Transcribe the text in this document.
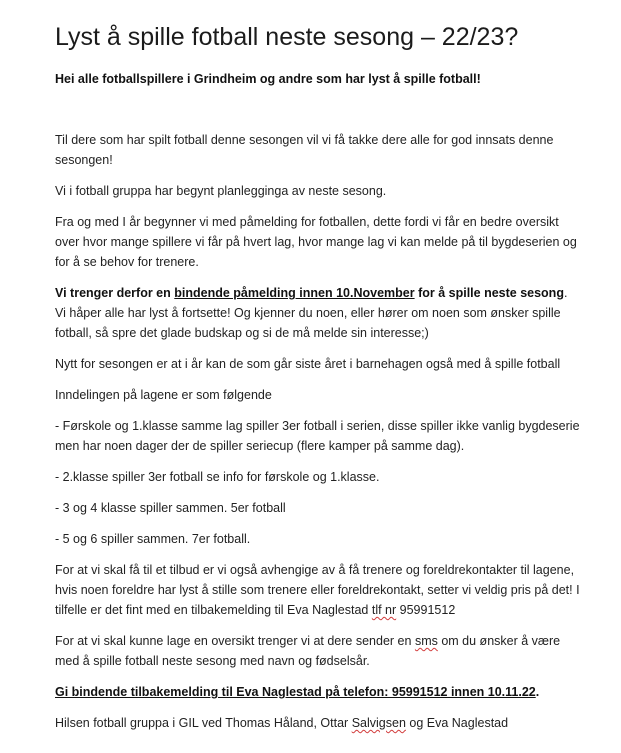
Lyst å spille fotball neste sesong – 22/23?

Hei alle fotballspillere i Grindheim og andre som har lyst å spille fotball!

Til dere som har spilt fotball denne sesongen vil vi få takke dere alle for god innsats denne sesongen!

Vi i fotball gruppa har begynt planlegginga av neste sesong.

Fra og med I år begynner vi med påmelding for fotballen, dette fordi vi får en bedre oversikt over hvor mange spillere vi får på hvert lag, hvor mange lag vi kan melde på til bygdeserien og for å se behov for trenere.

Vi trenger derfor en bindende påmelding innen 10.November for å spille neste sesong. Vi håper alle har lyst å fortsette! Og kjenner du noen, eller hører om noen som ønsker spille fotball, så spre det glade budskap og si de må melde sin interesse;)

Nytt for sesongen er at i år kan de som går siste året i barnehagen også med å spille fotball

Inndelingen på lagene er som følgende

- Førskole og 1.klasse samme lag spiller 3er fotball i serien, disse spiller ikke vanlig bygdeserie men har noen dager der de spiller seriecup (flere kamper på samme dag).

- 2.klasse spiller 3er fotball se info for førskole og 1.klasse.

- 3 og 4 klasse spiller sammen. 5er fotball

- 5 og 6 spiller sammen. 7er fotball.

For at vi skal få til et tilbud er vi også avhengige av å få trenere og foreldrekontakter til lagene, hvis noen foreldre har lyst å stille som trenere eller foreldrekontakt, setter vi veldig pris på det! I tilfelle er det fint med en tilbakemelding til Eva Naglestad tlf nr 95991512

For at vi skal kunne lage en oversikt trenger vi at dere sender en sms om du ønsker å være med å spille fotball neste sesong med navn og fødselsår.

Gi bindende tilbakemelding til Eva Naglestad på telefon: 95991512 innen 10.11.22.

Hilsen fotball gruppa i GIL ved Thomas Håland, Ottar Salvigsen og Eva Naglestad
